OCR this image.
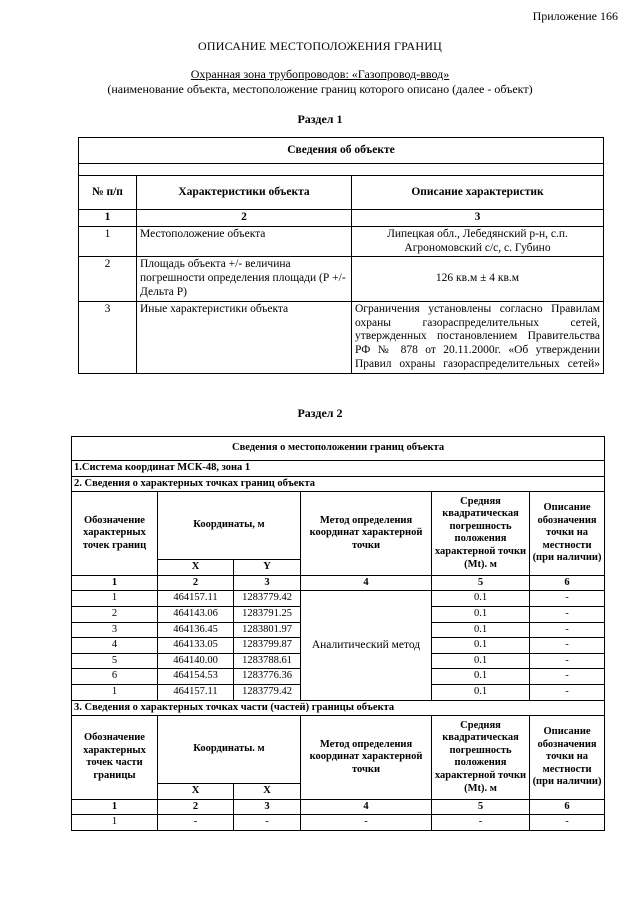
Приложение 166
ОПИСАНИЕ МЕСТОПОЛОЖЕНИЯ ГРАНИЦ
Охранная зона трубопроводов: «Газопровод-ввод»
(наименование объекта, местоположение границ которого описано (далее - объект)
Раздел 1
Сведения об объекте		

№ п/п	Характеристики объекта	Описание характеристик
1	2	3
1	Местоположение объекта	Липецкая обл., Лебедянский р-н, с.п. Агрономовский с/с, с. Губино
2	Площадь объекта +/- величина погрешности определения площади (Р +/- Дельта Р)	126 кв.м ± 4 кв.м
3	Иные характеристики объекта	Ограничения установлены согласно Правилам охраны газораспределительных сетей, утвержденных постановлением Правительства РФ № 878 от 20.11.2000г. «Об утверждении Правил охраны газораспределительных сетей»
Раздел 2
Сведения о местоположении границ объекта					
1.Система координат МСК-48, зона 1					
2. Сведения о характерных точках границ объекта					
Обозначение характерных точек границ	Координаты, м		Метод определения координат характерной точки	Средняя квадратическая погрешность положения характерной точки (Mt). м	Описание обозначения точки на местности (при наличии)
	X	Y			
1	2	3	4	5	6
1	464157.11	1283779.42	Аналитический метод	0.1	-
2	464143.06	1283791.25		0.1	-
3	464136.45	1283801.97		0.1	-
4	464133.05	1283799.87		0.1	-
5	464140.00	1283788.61		0.1	-
6	464154.53	1283776.36		0.1	-
1	464157.11	1283779.42		0.1	-
3. Сведения о характерных точках части (частей) границы объекта					
Обозначение характерных точек части границы	Координаты. м		Метод определения координат характерной точки	Средняя квадратическая погрешность положения характерной точки (Mt). м	Описание обозначения точки на местности (при наличии)
	X	X			
1	2	3	4	5	6
1	-	-	-	-	-
